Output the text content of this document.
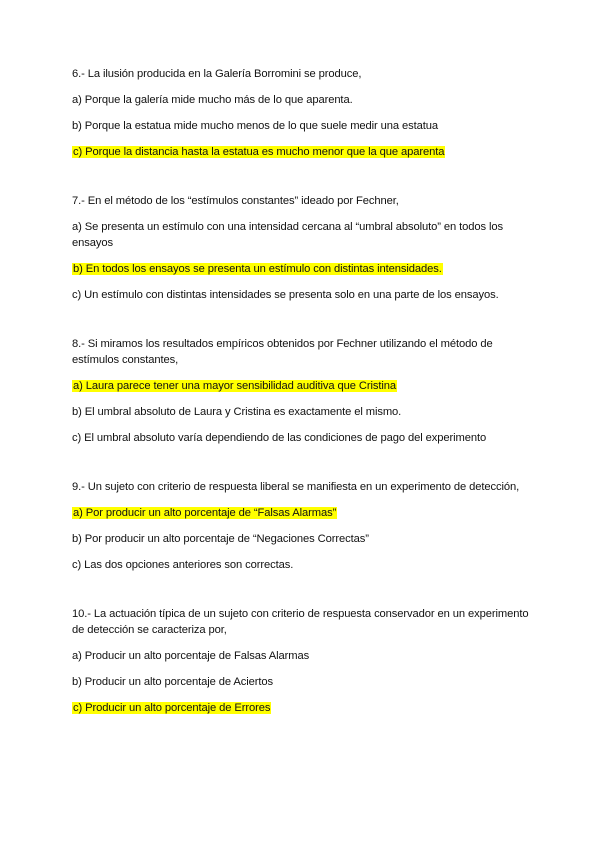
6.- La ilusión producida en la Galería Borromini se produce,

a) Porque la galería mide mucho más de lo que aparenta.

b) Porque la estatua mide mucho menos de lo que suele medir una estatua

c) Porque la distancia hasta la estatua es mucho menor que la que aparenta

7.- En el método de los “estímulos constantes” ideado por Fechner,

a) Se presenta un estímulo con una intensidad cercana al “umbral absoluto” en todos los ensayos

b) En todos los ensayos se presenta un estímulo con distintas intensidades.

c) Un estímulo con distintas intensidades se presenta solo en una parte de los ensayos.

8.- Si miramos los resultados empíricos obtenidos por Fechner utilizando el método de estímulos constantes,

a) Laura parece tener una mayor sensibilidad auditiva que Cristina

b) El umbral absoluto de Laura y Cristina es exactamente el mismo.

c) El umbral absoluto varía dependiendo de las condiciones de pago del experimento

9.- Un sujeto con criterio de respuesta liberal se manifiesta en un experimento de detección,

a) Por producir un alto porcentaje de “Falsas Alarmas”

b) Por producir un alto porcentaje de “Negaciones Correctas”

c) Las dos opciones anteriores son correctas.

10.- La actuación típica de un sujeto con criterio de respuesta conservador en un experimento de detección se caracteriza por,

a) Producir un alto porcentaje de Falsas Alarmas

b) Producir un alto porcentaje de Aciertos

c) Producir un alto porcentaje de Errores
